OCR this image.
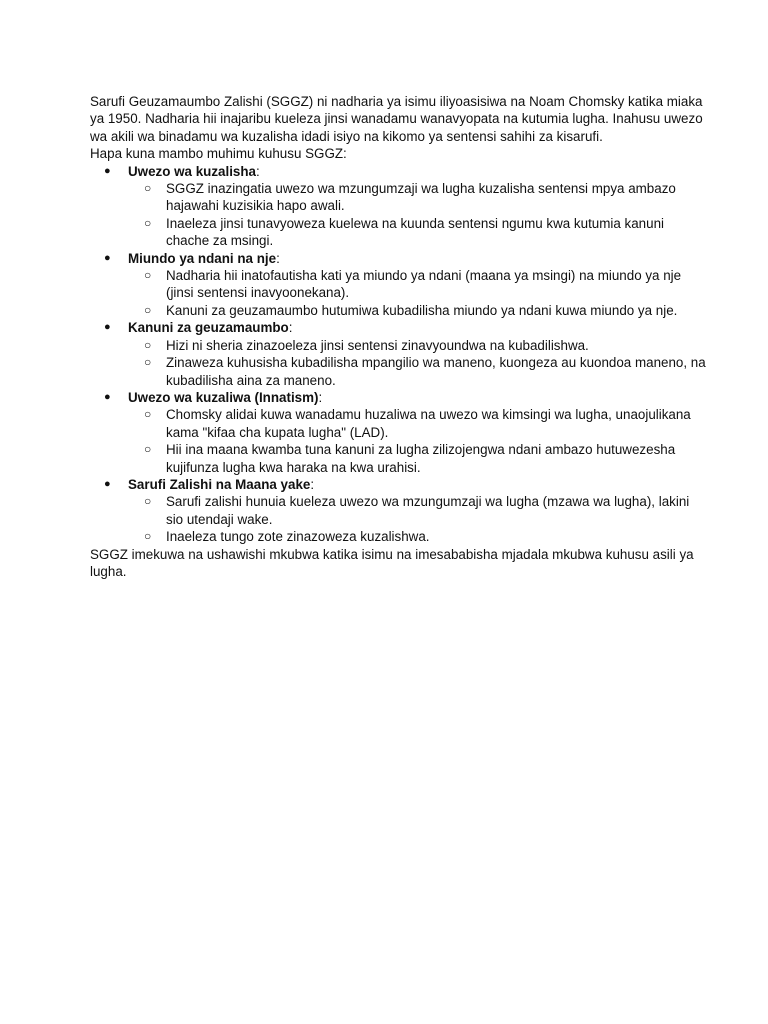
Sarufi Geuzamaumbo Zalishi (SGGZ) ni nadharia ya isimu iliyoasisiwa na Noam Chomsky katika miaka ya 1950. Nadharia hii inajaribu kueleza jinsi wanadamu wanavyopata na kutumia lugha. Inahusu uwezo wa akili wa binadamu wa kuzalisha idadi isiyo na kikomo ya sentensi sahihi za kisarufi.

Hapa kuna mambo muhimu kuhusu SGGZ:

● Uwezo wa kuzalisha:
○ SGGZ inazingatia uwezo wa mzungumzaji wa lugha kuzalisha sentensi mpya ambazo hajawahi kuzisikia hapo awali.
○ Inaeleza jinsi tunavyoweza kuelewa na kuunda sentensi ngumu kwa kutumia kanuni chache za msingi.
● Miundo ya ndani na nje:
○ Nadharia hii inatofautisha kati ya miundo ya ndani (maana ya msingi) na miundo ya nje (jinsi sentensi inavyoonekana).
○ Kanuni za geuzamaumbo hutumiwa kubadilisha miundo ya ndani kuwa miundo ya nje.
● Kanuni za geuzamaumbo:
○ Hizi ni sheria zinazoeleza jinsi sentensi zinavyoundwa na kubadilishwa.
○ Zinaweza kuhusisha kubadilisha mpangilio wa maneno, kuongeza au kuondoa maneno, na kubadilisha aina za maneno.
● Uwezo wa kuzaliwa (Innatism):
○ Chomsky alidai kuwa wanadamu huzaliwa na uwezo wa kimsingi wa lugha, unaojulikana kama "kifaa cha kupata lugha" (LAD).
○ Hii ina maana kwamba tuna kanuni za lugha zilizojengwa ndani ambazo hutuwezesha kujifunza lugha kwa haraka na kwa urahisi.
● Sarufi Zalishi na Maana yake:
○ Sarufi zalishi hunuia kueleza uwezo wa mzungumzaji wa lugha (mzawa wa lugha), lakini sio utendaji wake.
○ Inaeleza tungo zote zinazoweza kuzalishwa.

SGGZ imekuwa na ushawishi mkubwa katika isimu na imesababisha mjadala mkubwa kuhusu asili ya lugha.
